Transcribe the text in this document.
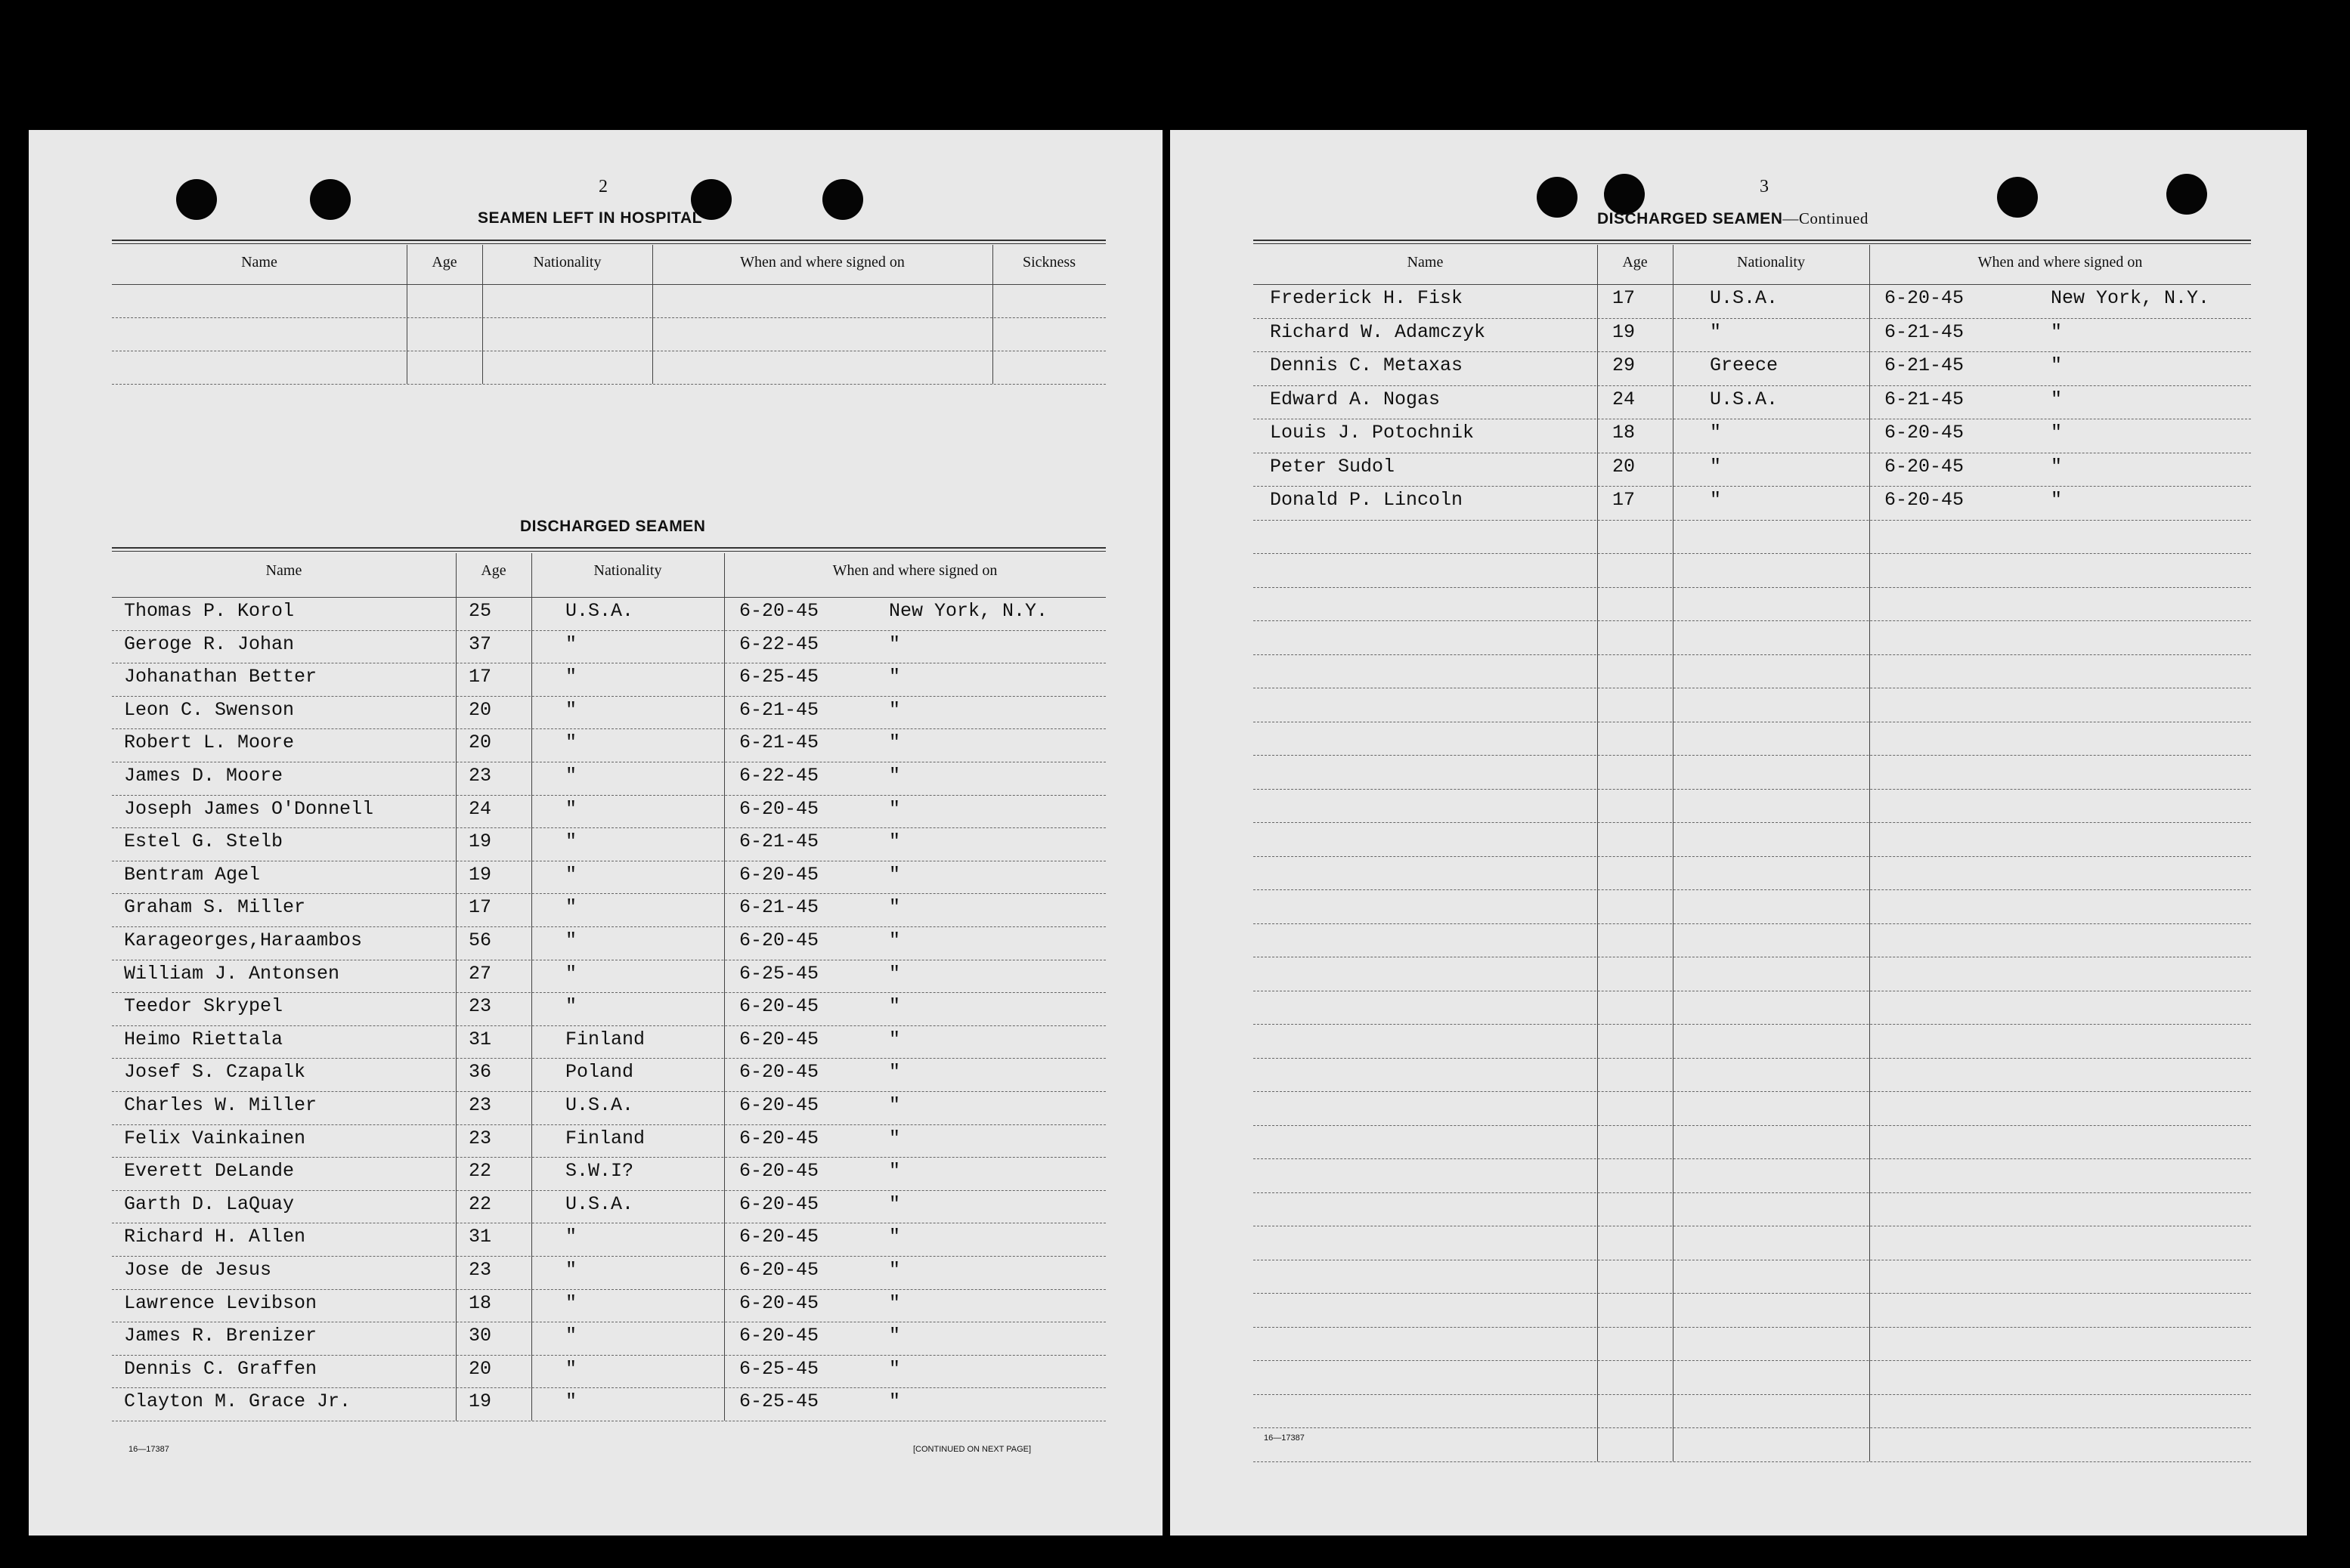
2
SEAMEN LEFT IN HOSPITAL
Name	Age	Nationality	When and where signed on	Sickness
DISCHARGED SEAMEN
Name	Age	Nationality	When and where signed on
Thomas P. Korol	25	U.S.A.	6-20-45	New York, N.Y.
Geroge R. Johan	37	"	6-22-45	"
Johanathan Better	17	"	6-25-45	"
Leon C. Swenson	20	"	6-21-45	"
Robert L. Moore	20	"	6-21-45	"
James D. Moore	23	"	6-22-45	"
Joseph James O'Donnell	24	"	6-20-45	"
Estel G. Stelb	19	"	6-21-45	"
Bentram Agel	19	"	6-20-45	"
Graham S. Miller	17	"	6-21-45	"
Karageorges,Haraambos	56	"	6-20-45	"
William J. Antonsen	27	"	6-25-45	"
Teedor Skrypel	23	"	6-20-45	"
Heimo Riettala	31	Finland	6-20-45	"
Josef S. Czapalk	36	Poland	6-20-45	"
Charles W. Miller	23	U.S.A.	6-20-45	"
Felix Vainkainen	23	Finland	6-20-45	"
Everett DeLande	22	S.W.I?	6-20-45	"
Garth D. LaQuay	22	U.S.A.	6-20-45	"
Richard H. Allen	31	"	6-20-45	"
Jose de Jesus	23	"	6-20-45	"
Lawrence Levibson	18	"	6-20-45	"
James R. Brenizer	30	"	6-20-45	"
Dennis C. Graffen	20	"	6-25-45	"
Clayton M. Grace Jr.	19	"	6-25-45	"
16—17387	[CONTINUED ON NEXT PAGE]
3
DISCHARGED SEAMEN—Continued
Name	Age	Nationality	When and where signed on
Frederick H. Fisk	17	U.S.A.	6-20-45	New York, N.Y.
Richard W. Adamczyk	19	"	6-21-45	"
Dennis C. Metaxas	29	Greece	6-21-45	"
Edward A. Nogas	24	U.S.A.	6-21-45	"
Louis J. Potochnik	18	"	6-20-45	"
Peter Sudol	20	"	6-20-45	"
Donald P. Lincoln	17	"	6-20-45	"
16—17387
